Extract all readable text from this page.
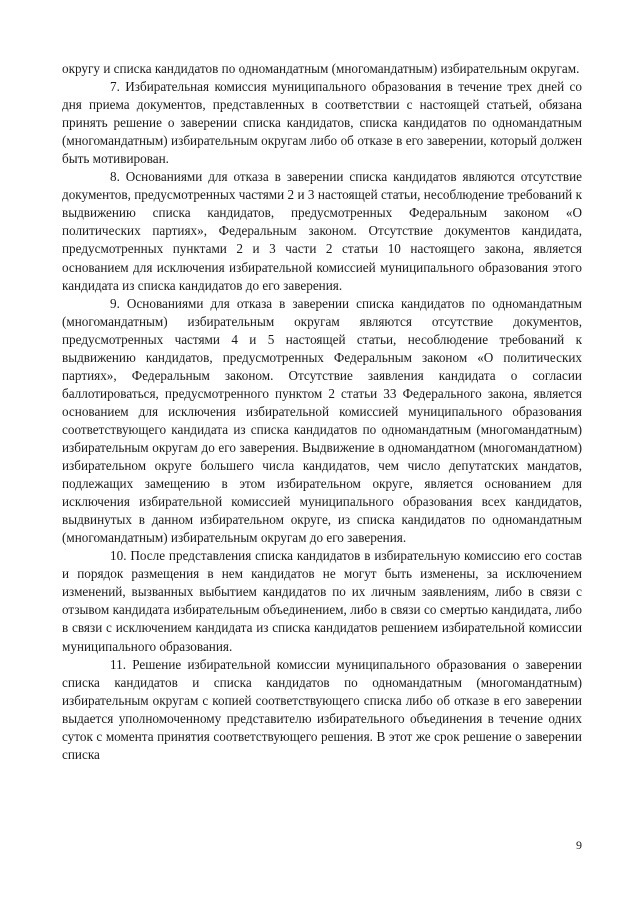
округу и списка кандидатов по одномандатным (многомандатным) избирательным округам.

7. Избирательная комиссия муниципального образования в течение трех дней со дня приема документов, представленных в соответствии с настоящей статьей, обязана принять решение о заверении списка кандидатов, списка кандидатов по одномандатным (многомандатным) избирательным округам либо об отказе в его заверении, который должен быть мотивирован.

8. Основаниями для отказа в заверении списка кандидатов являются отсутствие документов, предусмотренных частями 2 и 3 настоящей статьи, несоблюдение требований к выдвижению списка кандидатов, предусмотренных Федеральным законом «О политических партиях», Федеральным законом. Отсутствие документов кандидата, предусмотренных пунктами 2 и 3 части 2 статьи 10 настоящего закона, является основанием для исключения избирательной комиссией муниципального образования этого кандидата из списка кандидатов до его заверения.

9. Основаниями для отказа в заверении списка кандидатов по одномандатным (многомандатным) избирательным округам являются отсутствие документов, предусмотренных частями 4 и 5 настоящей статьи, несоблюдение требований к выдвижению кандидатов, предусмотренных Федеральным законом «О политических партиях», Федеральным законом. Отсутствие заявления кандидата о согласии баллотироваться, предусмотренного пунктом 2 статьи 33 Федерального закона, является основанием для исключения избирательной комиссией муниципального образования соответствующего кандидата из списка кандидатов по одномандатным (многомандатным) избирательным округам до его заверения. Выдвижение в одномандатном (многомандатном) избирательном округе большего числа кандидатов, чем число депутатских мандатов, подлежащих замещению в этом избирательном округе, является основанием для исключения избирательной комиссией муниципального образования всех кандидатов, выдвинутых в данном избирательном округе, из списка кандидатов по одномандатным (многомандатным) избирательным округам до его заверения.

10. После представления списка кандидатов в избирательную комиссию его состав и порядок размещения в нем кандидатов не могут быть изменены, за исключением изменений, вызванных выбытием кандидатов по их личным заявлениям, либо в связи с отзывом кандидата избирательным объединением, либо в связи со смертью кандидата, либо в связи с исключением кандидата из списка кандидатов решением избирательной комиссии муниципального образования.

11. Решение избирательной комиссии муниципального образования о заверении списка кандидатов и списка кандидатов по одномандатным (многомандатным) избирательным округам с копией соответствующего списка либо об отказе в его заверении выдается уполномоченному представителю избирательного объединения в течение одних суток с момента принятия соответствующего решения. В этот же срок решение о заверении списка

9
